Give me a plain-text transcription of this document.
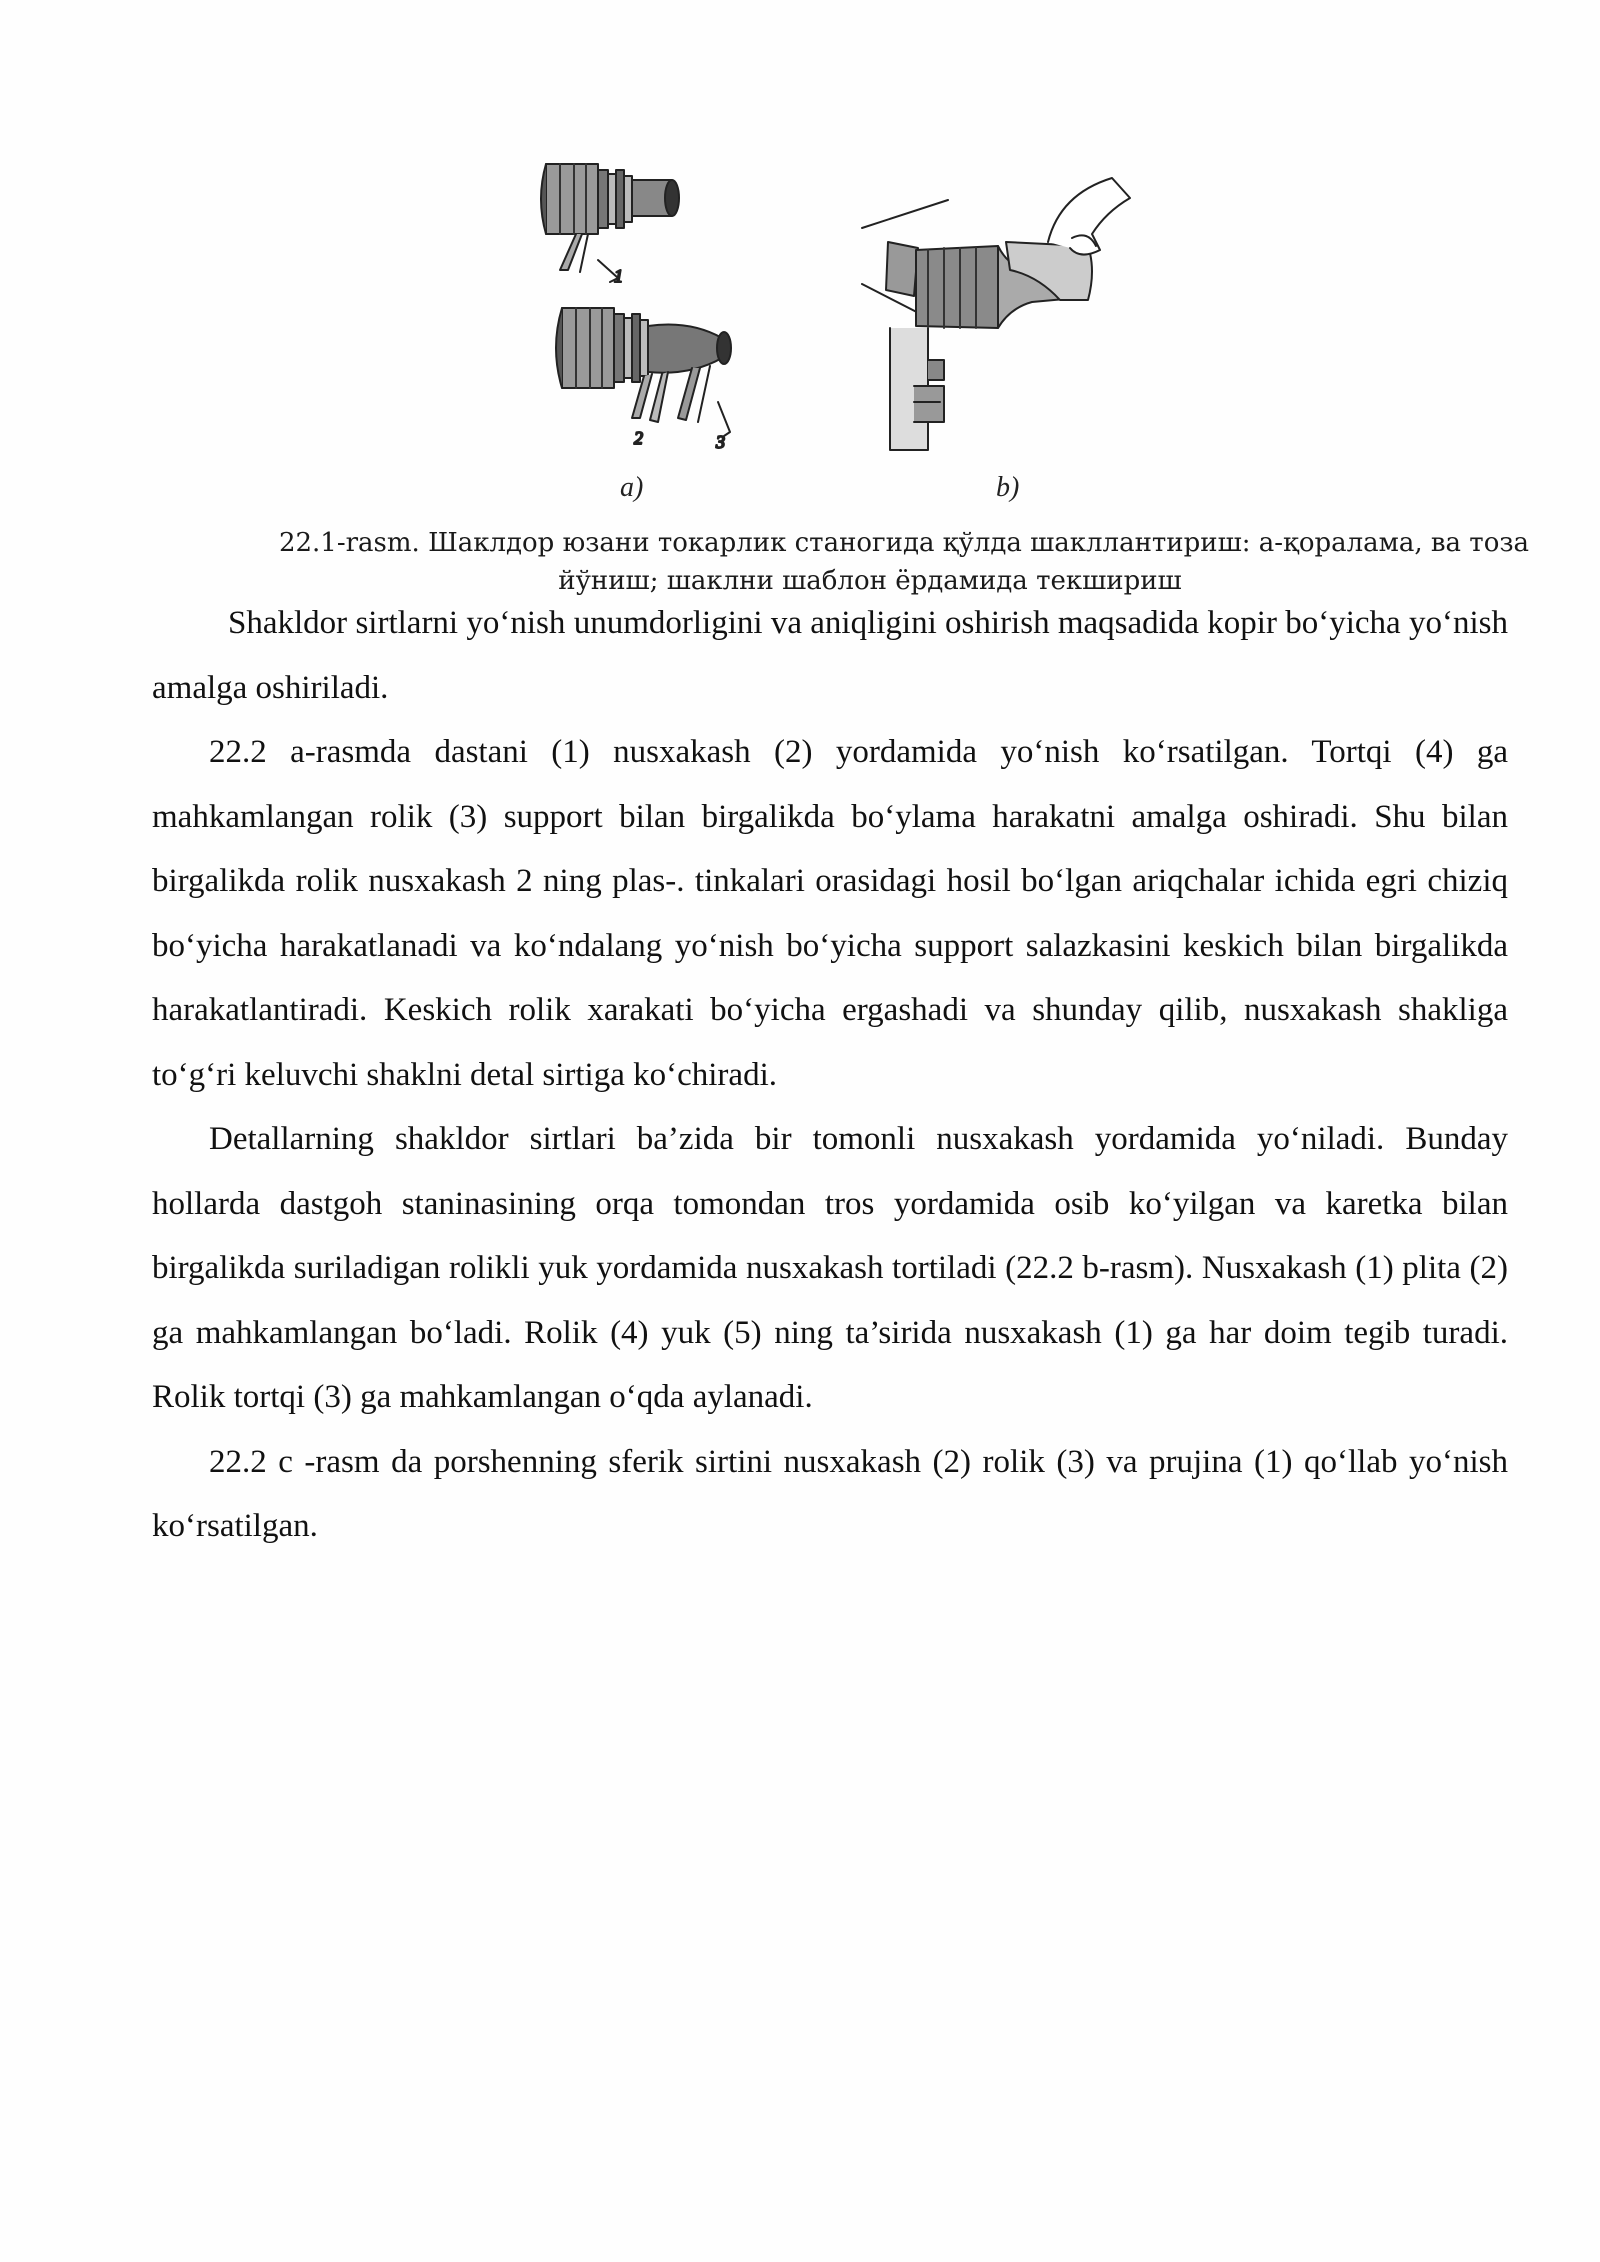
1
2	3
a)	b)
22.1-rasm. Шаклдор юзани токарлик станогида қўлда шакллантириш: а-қоралама, ва тоза
йўниш; шаклни шаблон ёрдамида текшириш

Shakldor sirtlarni yo‘nish unumdorligini va aniqligini oshirish maqsadida kopir bo‘yicha yo‘nish amalga oshiriladi.

22.2 a-rasmda dastani (1) nusxakash (2) yordamida yo‘nish ko‘rsatilgan. Tortqi (4) ga mahkamlangan rolik (3) support bilan birgalikda bo‘ylama harakatni amalga oshiradi. Shu bilan birgalikda rolik nusxakash 2 ning plas-. tinkalari orasidagi hosil bo‘lgan ariqchalar ichida egri chiziq bo‘yicha harakatlanadi va ko‘ndalang yo‘nish bo‘yicha support salazkasini keskich bilan birgalikda harakatlantiradi. Keskich rolik xarakati bo‘yicha ergashadi va shunday qilib, nusxakash shakliga to‘g‘ri keluvchi shaklni detal sirtiga ko‘chiradi.

Detallarning shakldor sirtlari ba’zida bir tomonli nusxakash yordamida yo‘niladi. Bunday hollarda dastgoh staninasining orqa tomondan tros yordamida osib ko‘yilgan va karetka bilan birgalikda suriladigan rolikli yuk yordamida nusxakash tortiladi (22.2 b-rasm). Nusxakash (1) plita (2) ga mahkamlangan bo‘ladi. Rolik (4) yuk (5) ning ta’sirida nusxakash (1) ga har doim tegib turadi. Rolik tortqi (3) ga mahkamlangan o‘qda aylanadi.

22.2 c -rasm da porshenning sferik sirtini nusxakash (2) rolik (3) va prujina (1) qo‘llab yo‘nish ko‘rsatilgan.
